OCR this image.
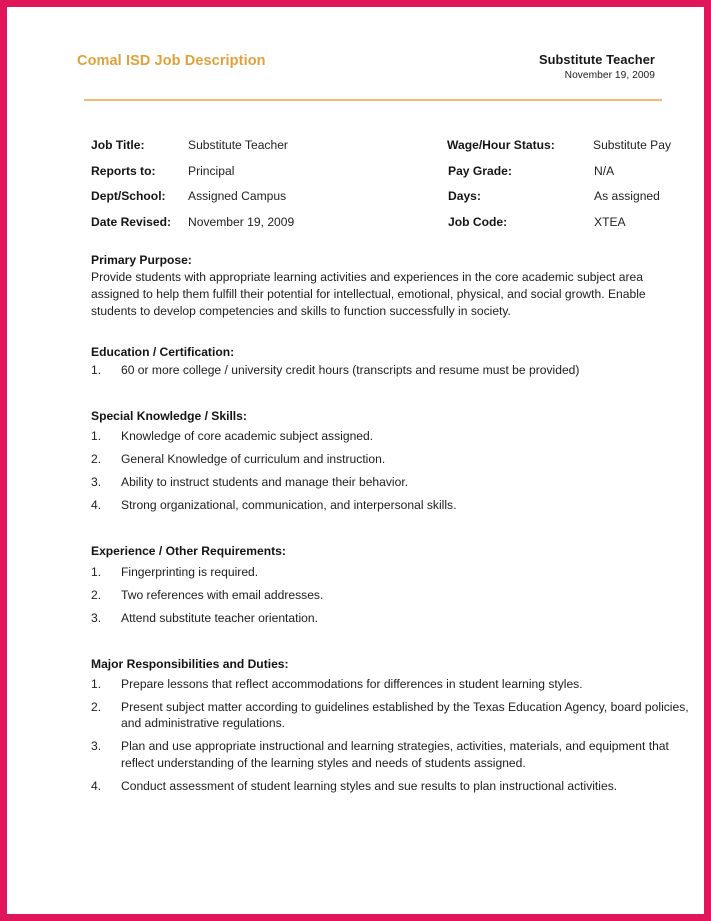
Comal ISD Job Description	Substitute Teacher
November 19, 2009
Job Title:	Substitute Teacher	Wage/Hour Status:	Substitute Pay
Reports to:	Principal	Pay Grade:	N/A
Dept/School:	Assigned Campus	Days:	As assigned
Date Revised:	November 19, 2009	Job Code:	XTEA
Primary Purpose:

Provide students with appropriate learning activities and experiences in the core academic subject area assigned to help them fulfill their potential for intellectual, emotional, physical, and social growth. Enable students to develop competencies and skills to function successfully in society.

Education / Certification:
1.	60 or more college / university credit hours (transcripts and resume must be provided)
Special Knowledge / Skills:
1.	Knowledge of core academic subject assigned.
2.	General Knowledge of curriculum and instruction.
3.	Ability to instruct students and manage their behavior.
4.	Strong organizational, communication, and interpersonal skills.
Experience / Other Requirements:
1.	Fingerprinting is required.
2.	Two references with email addresses.
3.	Attend substitute teacher orientation.
Major Responsibilities and Duties:
1.	Prepare lessons that reflect accommodations for differences in student learning styles.
2.	Present subject matter according to guidelines established by the Texas Education Agency, board policies, and administrative regulations.
3.	Plan and use appropriate instructional and learning strategies, activities, materials, and equipment that reflect understanding of the learning styles and needs of students assigned.
4.	Conduct assessment of student learning styles and sue results to plan instructional activities.
